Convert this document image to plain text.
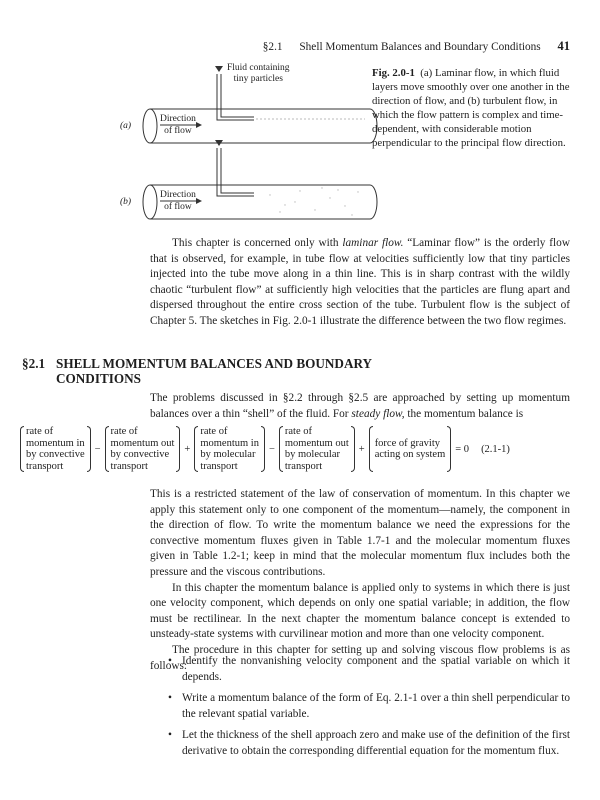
§2.1 Shell Momentum Balances and Boundary Conditions 41
Fluid containing
tiny particles
(a)
(b)
Direction
of flow
Direction
of flow
Fig. 2.0-1 (a) Laminar flow, in which fluid layers move smoothly over one another in the direction of flow, and (b) turbulent flow, in which the flow pattern is complex and time-dependent, with considerable motion perpendicular to the principal flow direction.

This chapter is concerned only with laminar flow. “Laminar flow” is the orderly flow that is observed, for example, in tube flow at velocities sufficiently low that tiny particles injected into the tube move along in a thin line. This is in sharp contrast with the wildly chaotic “turbulent flow” at sufficiently high velocities that the particles are flung apart and dispersed throughout the entire cross section of the tube. Turbulent flow is the subject of Chapter 5. The sketches in Fig. 2.0-1 illustrate the difference between the two flow regimes.

§2.1 SHELL MOMENTUM BALANCES AND BOUNDARY
CONDITIONS

The problems discussed in §2.2 through §2.5 are approached by setting up momentum balances over a thin “shell” of the fluid. For steady flow, the momentum balance is

rate of
momentum in
by convective
transport
−
rate of
momentum out
by convective
transport
+
rate of
momentum in
by molecular
transport
−
rate of
momentum out
by molecular
transport
+
force of gravity
acting on system = 0 (2.1-1)

This is a restricted statement of the law of conservation of momentum. In this chapter we apply this statement only to one component of the momentum—namely, the component in the direction of flow. To write the momentum balance we need the expressions for the convective momentum fluxes given in Table 1.7-1 and the molecular momentum fluxes given in Table 1.2-1; keep in mind that the molecular momentum flux includes both the pressure and the viscous contributions.

In this chapter the momentum balance is applied only to systems in which there is just one velocity component, which depends on only one spatial variable; in addition, the flow must be rectilinear. In the next chapter the momentum balance concept is extended to unsteady-state systems with curvilinear motion and more than one velocity component.

The procedure in this chapter for setting up and solving viscous flow problems is as follows:

• Identify the nonvanishing velocity component and the spatial variable on which it depends.
• Write a momentum balance of the form of Eq. 2.1-1 over a thin shell perpendicular to the relevant spatial variable.
• Let the thickness of the shell approach zero and make use of the definition of the first derivative to obtain the corresponding differential equation for the momentum flux.
